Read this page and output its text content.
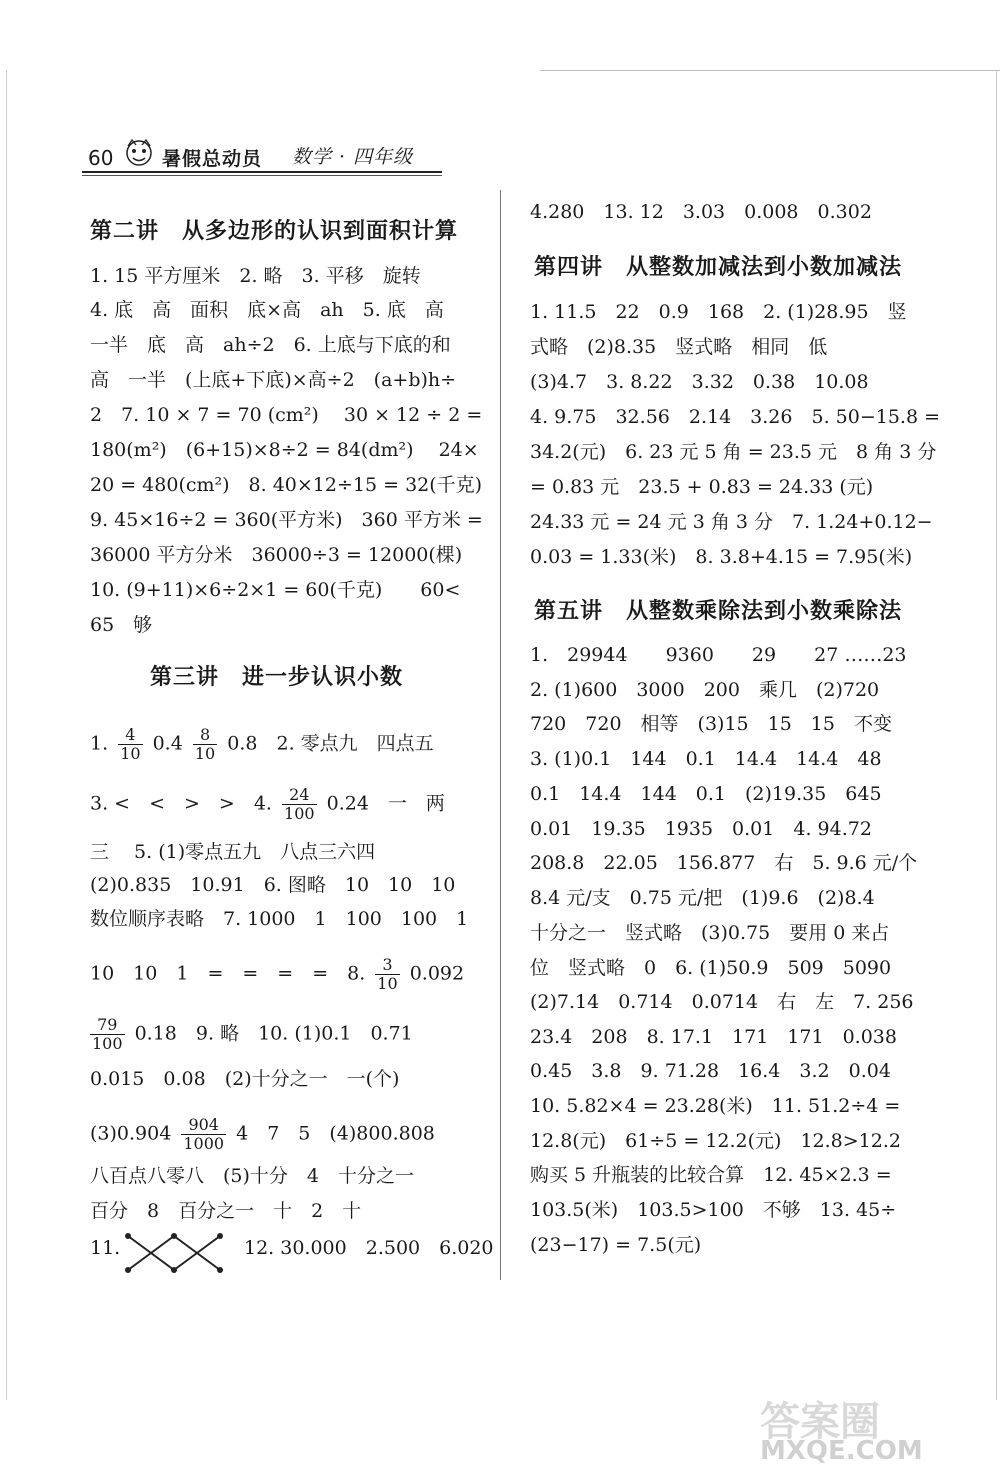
60	暑假总动员 数学 · 四年级
第二讲　从多边形的认识到面积计算
1. 15 平方厘米　2. 略　3. 平移　旋转
4. 底　高　面积　底×高　ah　5. 底　高
一半　底　高　ah÷2　6. 上底与下底的和
高　一半　(上底+下底)×高÷2　(a+b)h÷
2　7. 10 × 7 = 70 (cm²)　 30 × 12 ÷ 2 =
180(m²)　(6+15)×8÷2 = 84(dm²)　 24×
20 = 480(cm²)　8. 40×12÷15 = 32(千克)
9. 45×16÷2 = 360(平方米)　360 平方米 =
36000 平方分米　36000÷3 = 12000(棵)
10. (9+11)×6÷2×1 = 60(千克)　　60<
65　够
第三讲　进一步认识小数
1. $\frac{4}{10} 0.4 \frac{8}{10} 0.8$　2. 零点九　四点五
3. <　<　>　>　4. $\frac{24}{100} 0.24$　一　两
三　 5. (1)零点五九　八点三六四
(2)0.835　10.91　6. 图略　10　10　10
数位顺序表略　7. 1000　1　100　100　1
10　10　1　=　=　=　=　8. $\frac{3}{10} 0.092$
$\frac{79}{100} 0.18$　9. 略　10. (1)0.1　0.71
0.015　0.08　(2)十分之一　一(个)
$(3)0.904 \frac{904}{1000} 4$　7　5　(4)800.808
八百点八零八　(5)十分　4　十分之一
百分　8　百分之一　十　2　十
11.	12. 30.000　2.500　6.020
4.280　13. 12　3.03　0.008　0.302
第四讲　从整数加减法到小数加减法
1. 11.5　22　0.9　168　2. (1)28.95　竖
式略　(2)8.35　竖式略　相同　低
(3)4.7　3. 8.22　3.32　0.38　10.08
4. 9.75　32.56　2.14　3.26　5. 50−15.8 =
34.2(元)　6. 23 元 5 角 = 23.5 元　8 角 3 分
= 0.83 元　23.5 + 0.83 = 24.33 (元)
24.33 元 = 24 元 3 角 3 分　7. 1.24+0.12−
0.03 = 1.33(米)　8. 3.8+4.15 = 7.95(米)
第五讲　从整数乘除法到小数乘除法
1.　29944　　9360　　29　　27 ……23
2. (1)600　3000　200　乘几　(2)720
720　720　相等　(3)15　15　15　不变
3. (1)0.1　144　0.1　14.4　14.4　48
0.1　14.4　144　0.1　(2)19.35　645
0.01　19.35　1935　0.01　4. 94.72
208.8　22.05　156.877　右　5. 9.6 元/个
8.4 元/支　0.75 元/把　(1)9.6　(2)8.4
十分之一　竖式略　(3)0.75　要用 0 来占
位　竖式略　0　6. (1)50.9　509　5090
(2)7.14　0.714　0.0714　右　左　7. 256
23.4　208　8. 17.1　171　171　0.038
0.45　3.8　9. 71.28　16.4　3.2　0.04
10. 5.82×4 = 23.28(米)　11. 51.2÷4 =
12.8(元)　61÷5 = 12.2(元)　12.8>12.2
购买 5 升瓶装的比较合算　12. 45×2.3 =
103.5(米)　103.5>100　不够　13. 45÷
(23−17) = 7.5(元)
答案圈
MXQE.COM
